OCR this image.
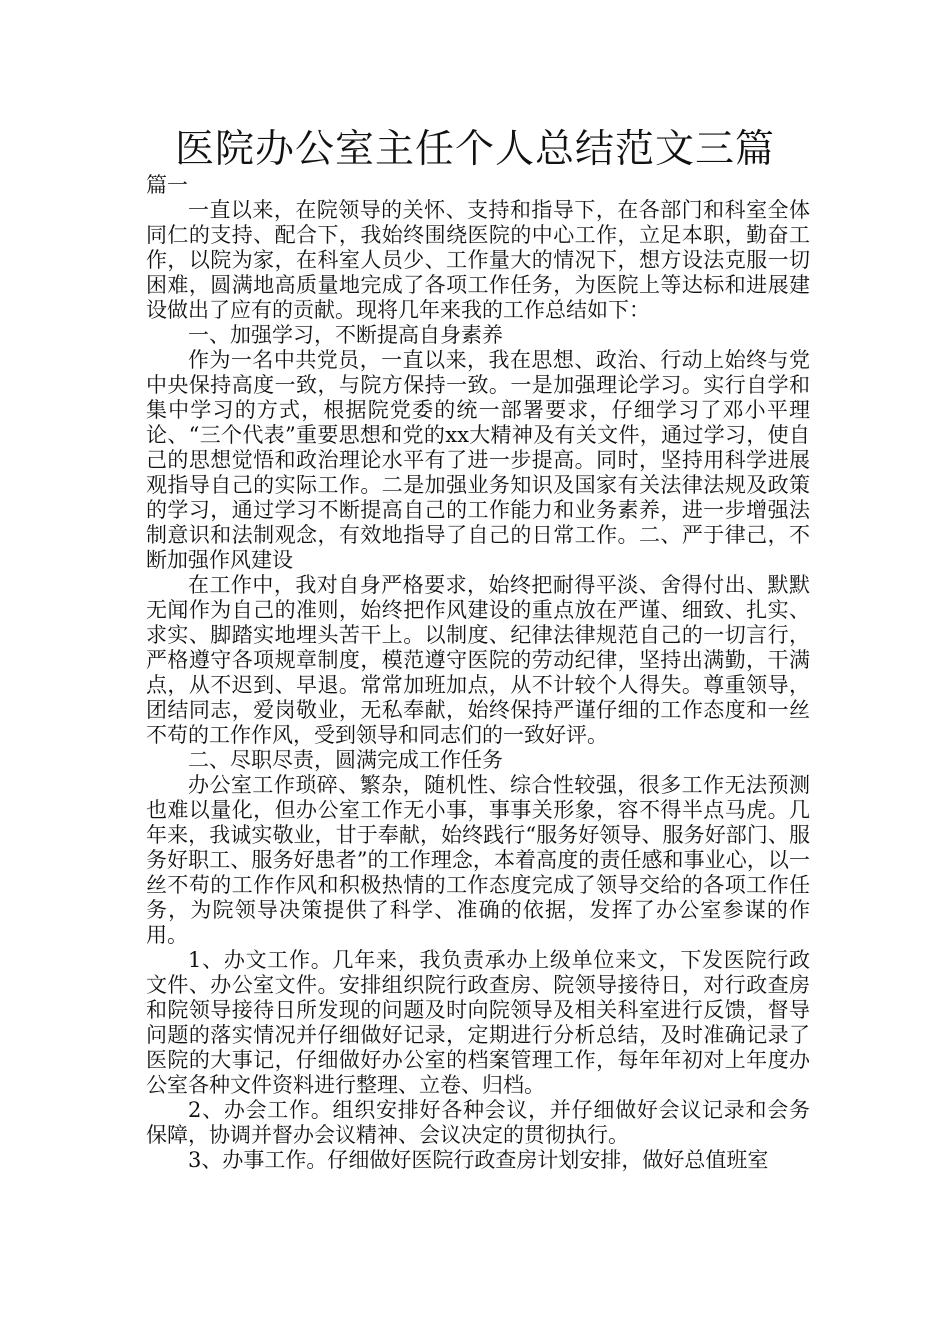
医院办公室主任个人总结范文三篇

篇一

一直以来，在院领导的关怀、支持和指导下，在各部门和科室全体同仁的支持、配合下，我始终围绕医院的中心工作，立足本职，勤奋工作，以院为家，在科室人员少、工作量大的情况下，想方设法克服一切困难，圆满地高质量地完成了各项工作任务，为医院上等达标和进展建设做出了应有的贡献。现将几年来我的工作总结如下：

一、加强学习，不断提高自身素养

作为一名中共党员，一直以来，我在思想、政治、行动上始终与党中央保持高度一致，与院方保持一致。一是加强理论学习。实行自学和集中学习的方式，根据院党委的统一部署要求，仔细学习了邓小平理论、“三个代表”重要思想和党的xx大精神及有关文件，通过学习，使自己的思想觉悟和政治理论水平有了进一步提高。同时，坚持用科学进展观指导自己的实际工作。二是加强业务知识及国家有关法律法规及政策的学习，通过学习不断提高自己的工作能力和业务素养，进一步增强法制意识和法制观念，有效地指导了自己的日常工作。二、严于律己，不断加强作风建设

在工作中，我对自身严格要求，始终把耐得平淡、舍得付出、默默无闻作为自己的准则，始终把作风建设的重点放在严谨、细致、扎实、求实、脚踏实地埋头苦干上。以制度、纪律法律规范自己的一切言行，严格遵守各项规章制度，模范遵守医院的劳动纪律，坚持出满勤，干满点，从不迟到、早退。常常加班加点，从不计较个人得失。尊重领导，团结同志，爱岗敬业，无私奉献，始终保持严谨仔细的工作态度和一丝不苟的工作作风，受到领导和同志们的一致好评。

二、尽职尽责，圆满完成工作任务

办公室工作琐碎、繁杂，随机性、综合性较强，很多工作无法预测也难以量化，但办公室工作无小事，事事关形象，容不得半点马虎。几年来，我诚实敬业，甘于奉献，始终践行“服务好领导、服务好部门、服务好职工、服务好患者”的工作理念，本着高度的责任感和事业心，以一丝不苟的工作作风和积极热情的工作态度完成了领导交给的各项工作任务，为院领导决策提供了科学、准确的依据，发挥了办公室参谋的作用。

1、办文工作。几年来，我负责承办上级单位来文，下发医院行政文件、办公室文件。安排组织院行政查房、院领导接待日，对行政查房和院领导接待日所发现的问题及时向院领导及相关科室进行反馈，督导问题的落实情况并仔细做好记录，定期进行分析总结，及时准确记录了医院的大事记，仔细做好办公室的档案管理工作，每年年初对上年度办公室各种文件资料进行整理、立卷、归档。

2、办会工作。组织安排好各种会议，并仔细做好会议记录和会务保障，协调并督办会议精神、会议决定的贯彻执行。

3、办事工作。仔细做好医院行政查房计划安排，做好总值班室
